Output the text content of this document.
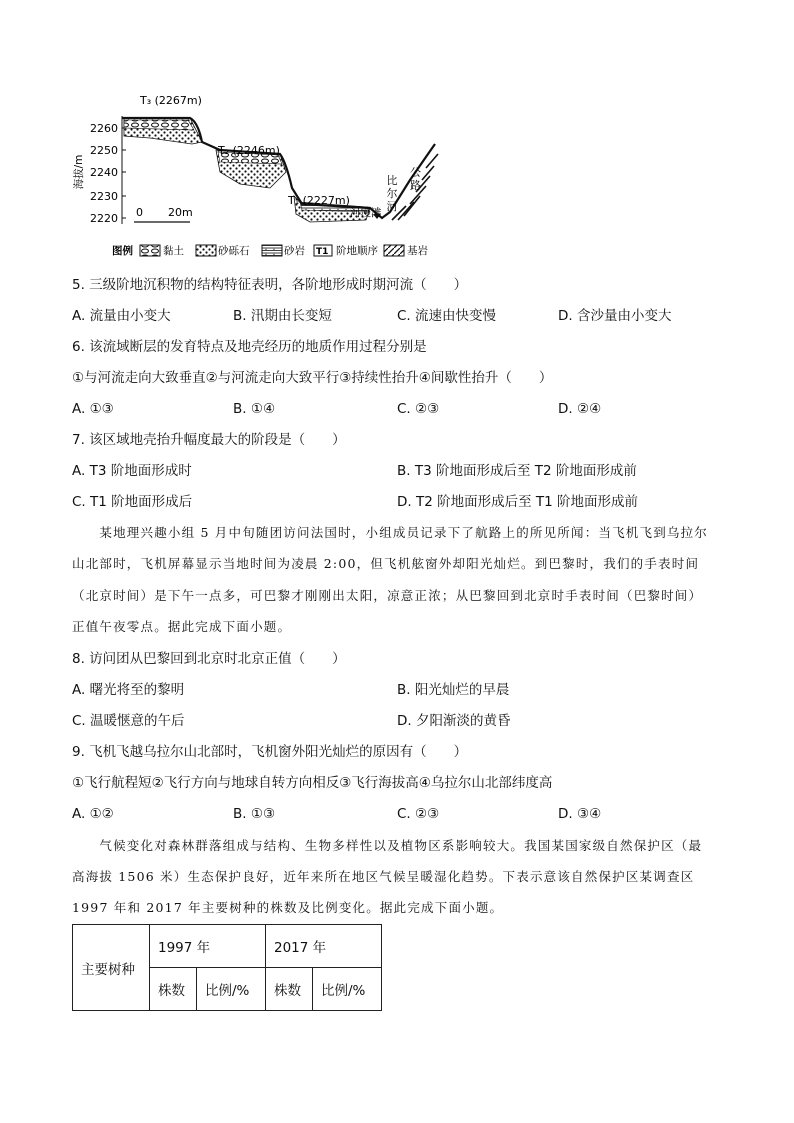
2260
2250
2240
2230
2220
海拔/m
T₃ (2267m)
T₂ (2246m)
T₁ (2227m)
河漫滩
比尔河
公路
0 20m
图例	黏土	砂砾石	砂岩 T1 阶地顺序	基岩
5. 三级阶地沉积物的结构特征表明，各阶地形成时期河流（　　）
A. 流量由小变大	B. 汛期由长变短	C. 流速由快变慢	D. 含沙量由小变大
6. 该流域断层的发育特点及地壳经历的地质作用过程分别是
①与河流走向大致垂直②与河流走向大致平行③持续性抬升④间歇性抬升（　　）
A. ①③	B. ①④	C. ②③	D. ②④
7. 该区域地壳抬升幅度最大的阶段是（　　）
A. T3 阶地面形成时	B. T3 阶地面形成后至 T2 阶地面形成前
C. T1 阶地面形成后	D. T2 阶地面形成后至 T1 阶地面形成前
　　某地理兴趣小组 5 月中旬随团访问法国时，小组成员记录下了航路上的所见所闻：当飞机飞到乌拉尔
山北部时，飞机屏幕显示当地时间为凌晨 2:00，但飞机舷窗外却阳光灿烂。到巴黎时，我们的手表时间
（北京时间）是下午一点多，可巴黎才刚刚出太阳，凉意正浓；从巴黎回到北京时手表时间（巴黎时间）
正值午夜零点。据此完成下面小题。
8. 访问团从巴黎回到北京时北京正值（　　）
A. 曙光将至的黎明	B. 阳光灿烂的早晨
C. 温暖惬意的午后	D. 夕阳渐淡的黄昏
9. 飞机飞越乌拉尔山北部时，飞机窗外阳光灿烂的原因有（　　）
①飞行航程短②飞行方向与地球自转方向相反③飞行海拔高④乌拉尔山北部纬度高
A. ①②	B. ①③	C. ②③	D. ③④
　　气候变化对森林群落组成与结构、生物多样性以及植物区系影响较大。我国某国家级自然保护区（最
高海拔 1506 米）生态保护良好，近年来所在地区气候呈暖湿化趋势。下表示意该自然保护区某调查区
1997 年和 2017 年主要树种的株数及比例变化。据此完成下面小题。
主要树种	1997 年		2017 年	
	株数	比例/%	株数	比例/%
